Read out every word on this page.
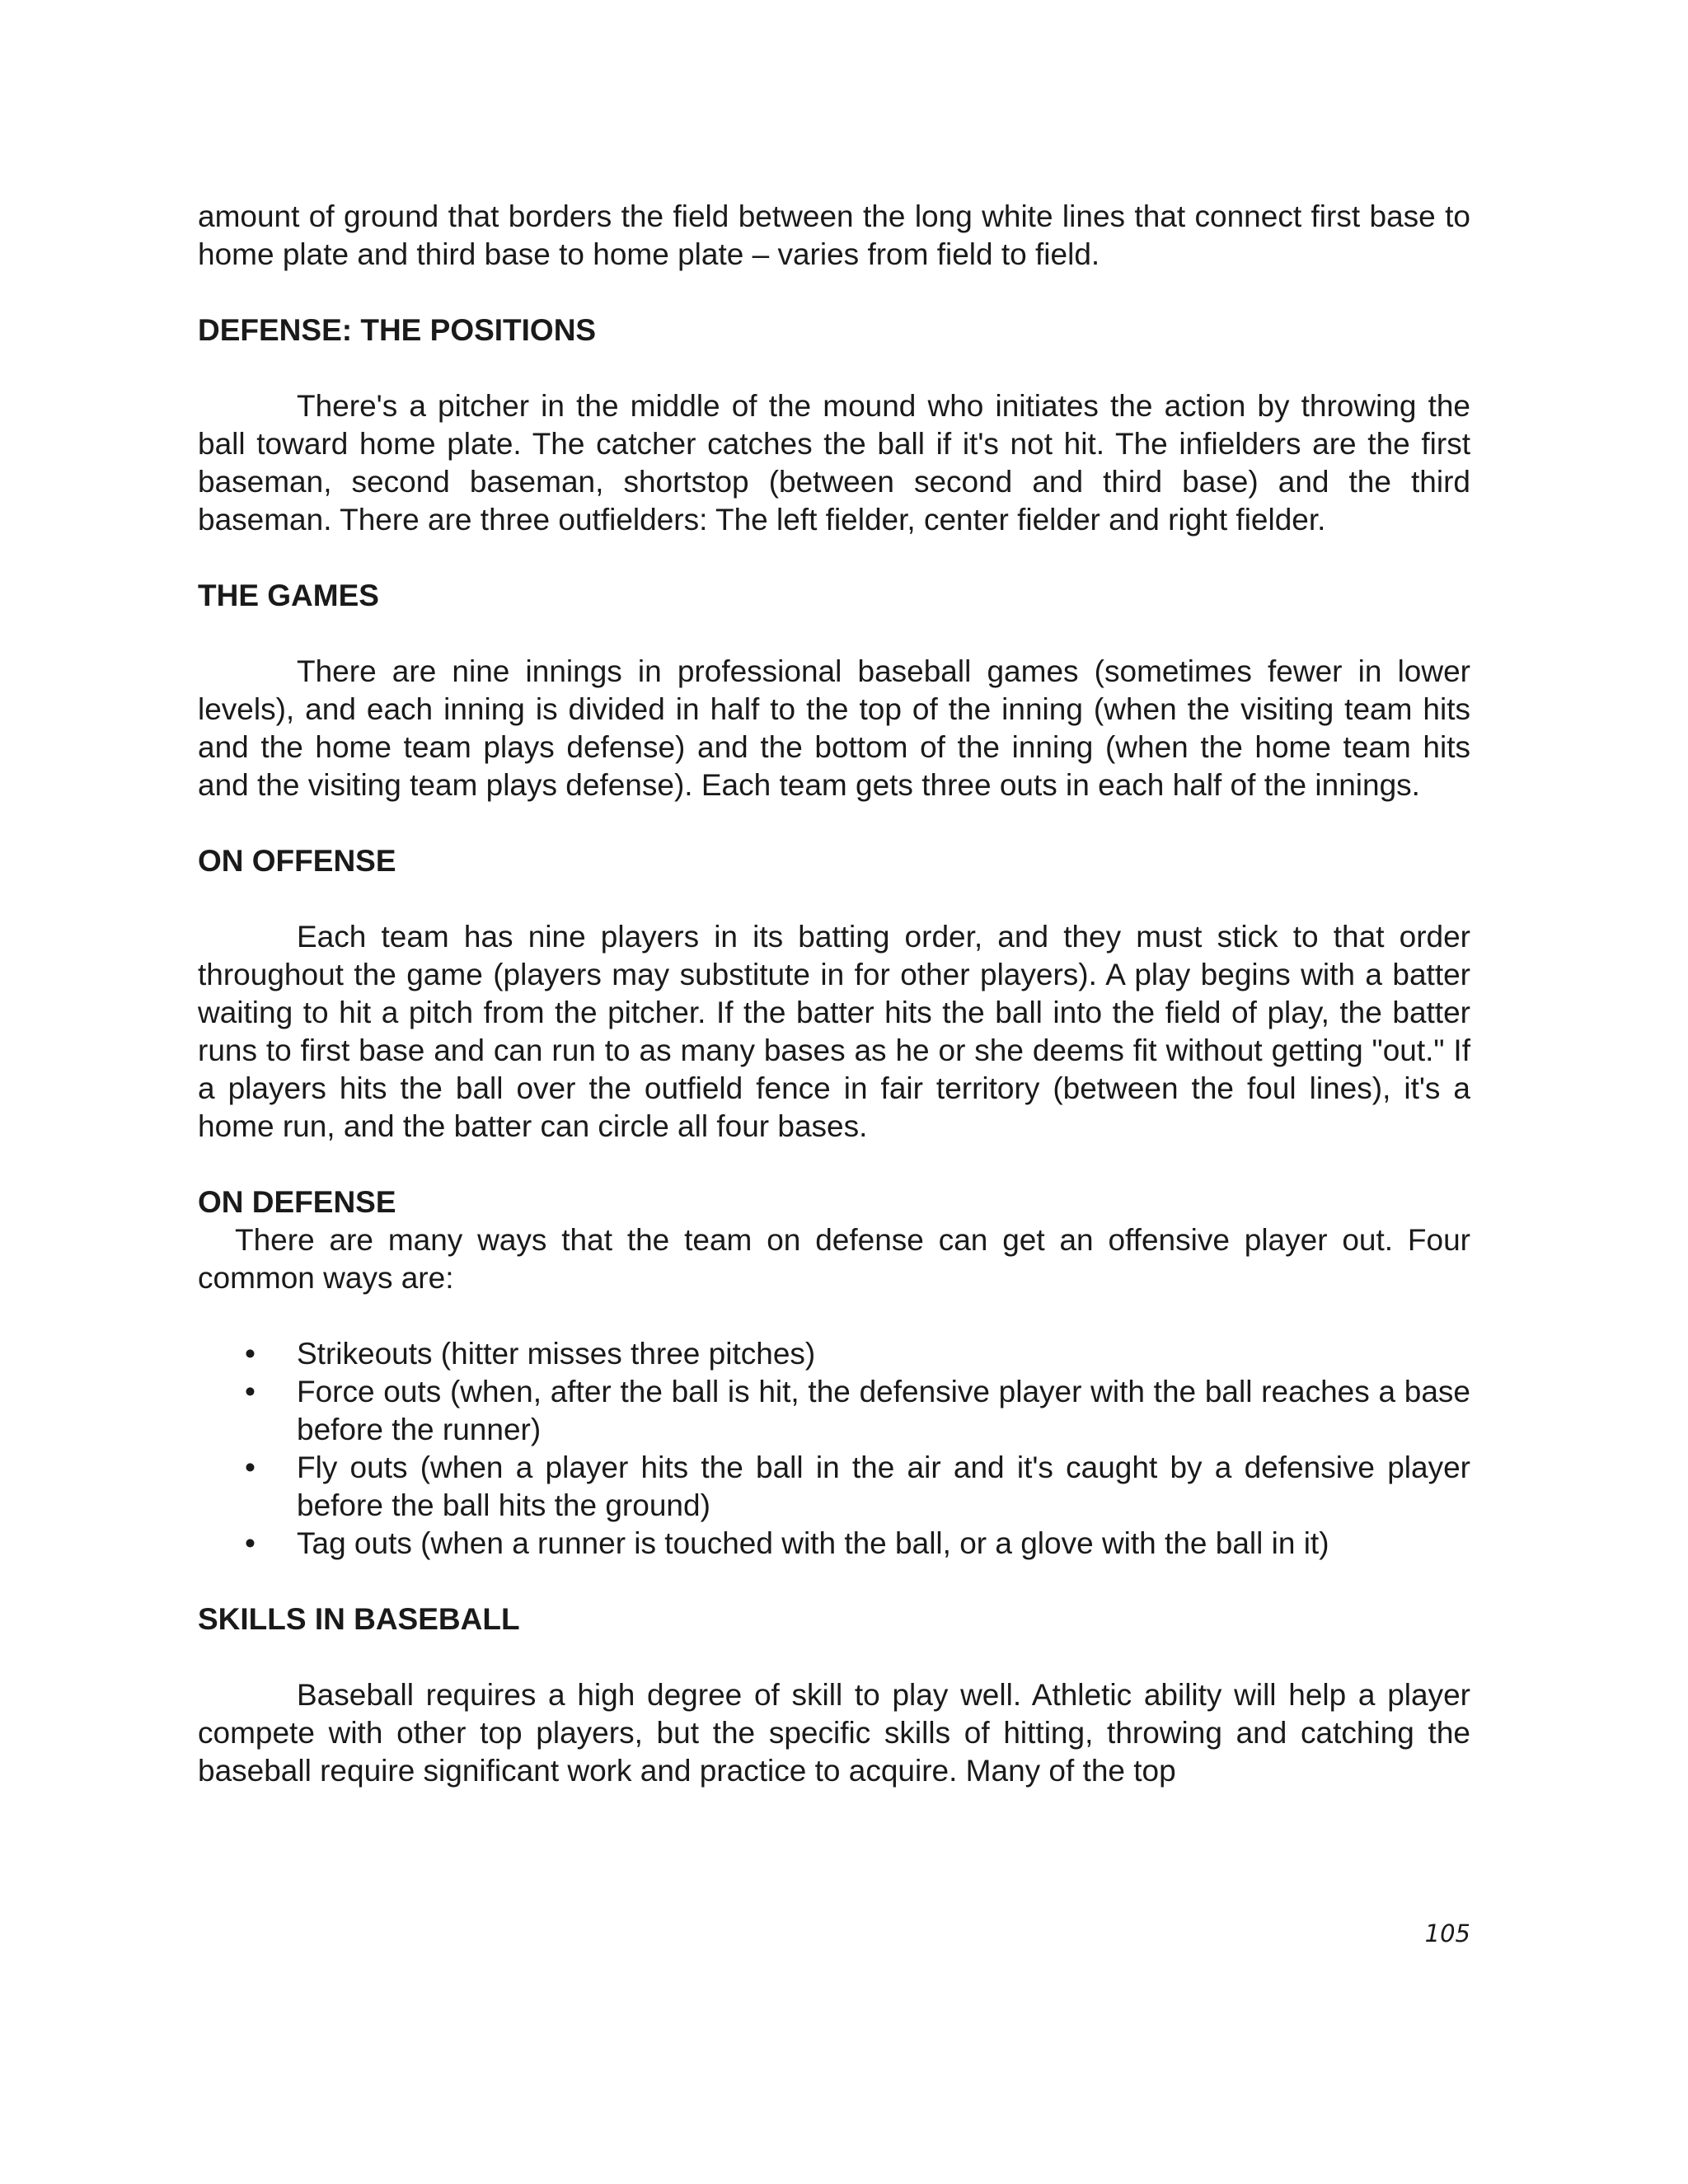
amount of ground that borders the field between the long white lines that connect first base to home plate and third base to home plate – varies from field to field.

DEFENSE: THE POSITIONS

There's a pitcher in the middle of the mound who initiates the action by throwing the ball toward home plate. The catcher catches the ball if it's not hit. The infielders are the first baseman, second baseman, shortstop (between second and third base) and the third baseman. There are three outfielders: The left fielder, center fielder and right fielder.

THE GAMES

There are nine innings in professional baseball games (sometimes fewer in lower levels), and each inning is divided in half to the top of the inning (when the visiting team hits and the home team plays defense) and the bottom of the inning (when the home team hits and the visiting team plays defense). Each team gets three outs in each half of the innings.

ON OFFENSE

Each team has nine players in its batting order, and they must stick to that order throughout the game (players may substitute in for other players). A play begins with a batter waiting to hit a pitch from the pitcher. If the batter hits the ball into the field of play, the batter runs to first base and can run to as many bases as he or she deems fit without getting "out." If a players hits the ball over the outfield fence in fair territory (between the foul lines), it's a home run, and the batter can circle all four bases.

ON DEFENSE

There are many ways that the team on defense can get an offensive player out. Four common ways are:

• Strikeouts (hitter misses three pitches)
• Force outs (when, after the ball is hit, the defensive player with the ball reaches a base before the runner)
• Fly outs (when a player hits the ball in the air and it's caught by a defensive player before the ball hits the ground)
• Tag outs (when a runner is touched with the ball, or a glove with the ball in it)
SKILLS IN BASEBALL

Baseball requires a high degree of skill to play well. Athletic ability will help a player compete with other top players, but the specific skills of hitting, throwing and catching the baseball require significant work and practice to acquire. Many of the top

105
